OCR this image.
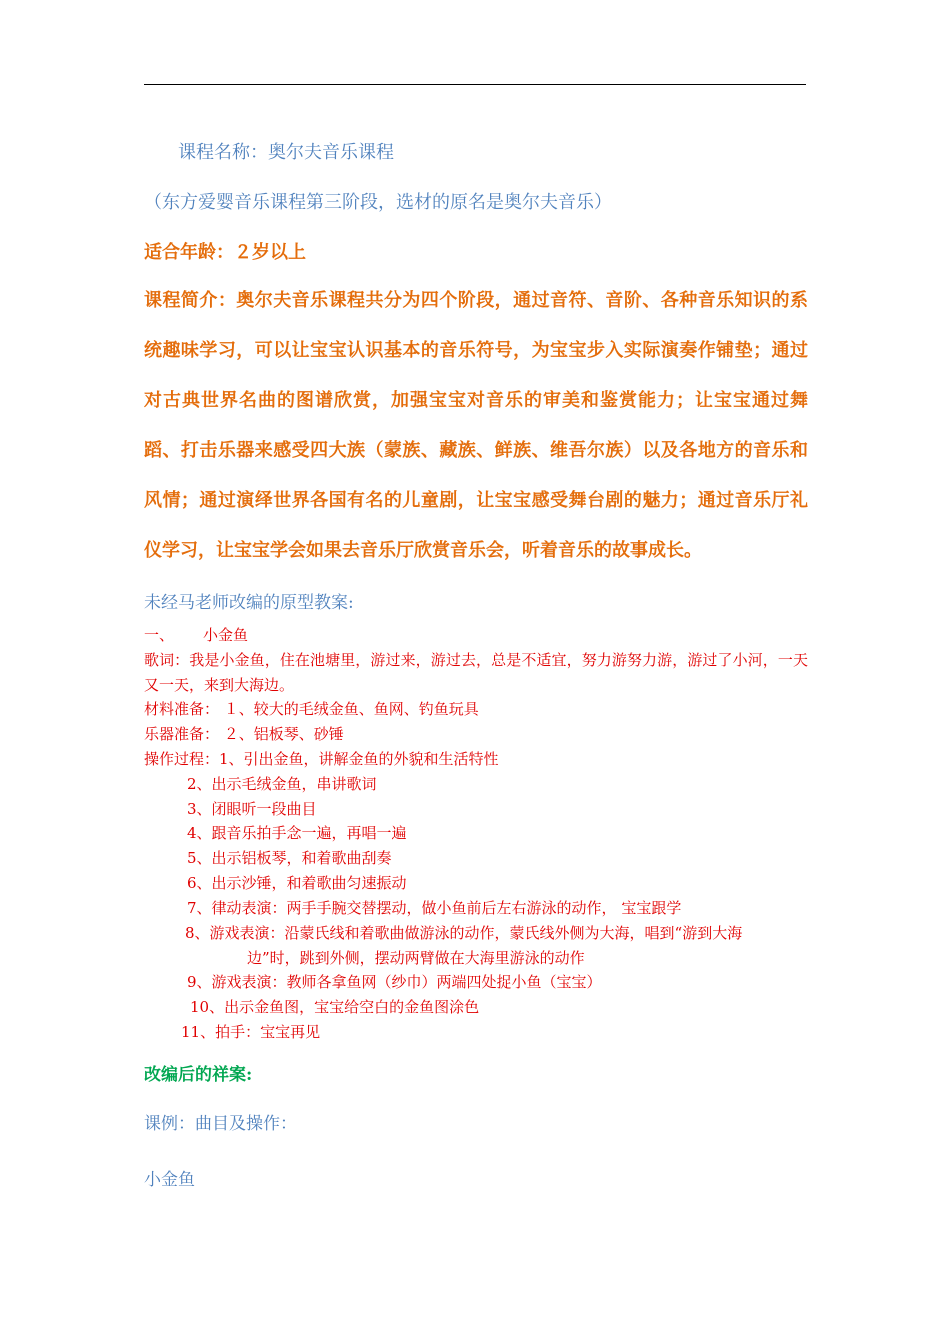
课程名称：奥尔夫音乐课程
（东方爱婴音乐课程第三阶段，选材的原名是奥尔夫音乐）
适合年龄：２岁以上
课程简介：奥尔夫音乐课程共分为四个阶段，通过音符、音阶、各种音乐知识的系统趣味学习，可以让宝宝认识基本的音乐符号，为宝宝步入实际演奏作铺垫；通过对古典世界名曲的图谱欣赏，加强宝宝对音乐的审美和鉴赏能力；让宝宝通过舞蹈、打击乐器来感受四大族（蒙族、藏族、鲜族、维吾尔族）以及各地方的音乐和风情；通过演绎世界各国有名的儿童剧，让宝宝感受舞台剧的魅力；通过音乐厅礼仪学习，让宝宝学会如果去音乐厅欣赏音乐会，听着音乐的故事成长。
未经马老师改编的原型教案:
一、 小金鱼
歌词：我是小金鱼，住在池塘里，游过来，游过去，总是不适宜，努力游努力游，游过了小河，一天又一天，来到大海边。
材料准备： １、较大的毛绒金鱼、鱼网、钓鱼玩具
乐器准备： ２、铝板琴、砂锤
操作过程：1、引出金鱼，讲解金鱼的外貌和生活特性
2、出示毛绒金鱼，串讲歌词
3、闭眼听一段曲目
4、跟音乐拍手念一遍，再唱一遍
5、出示铝板琴，和着歌曲刮奏
6、出示沙锤，和着歌曲匀速振动
7、律动表演：两手手腕交替摆动，做小鱼前后左右游泳的动作， 宝宝跟学
8、游戏表演：沿蒙氏线和着歌曲做游泳的动作，蒙氏线外侧为大海，唱到“游到大海
边”时，跳到外侧，摆动两臂做在大海里游泳的动作
9、游戏表演：教师各拿鱼网（纱巾）两端四处捉小鱼（宝宝）
10、出示金鱼图，宝宝给空白的金鱼图涂色
11、拍手：宝宝再见
改编后的祥案:
课例：曲目及操作：
小金鱼
